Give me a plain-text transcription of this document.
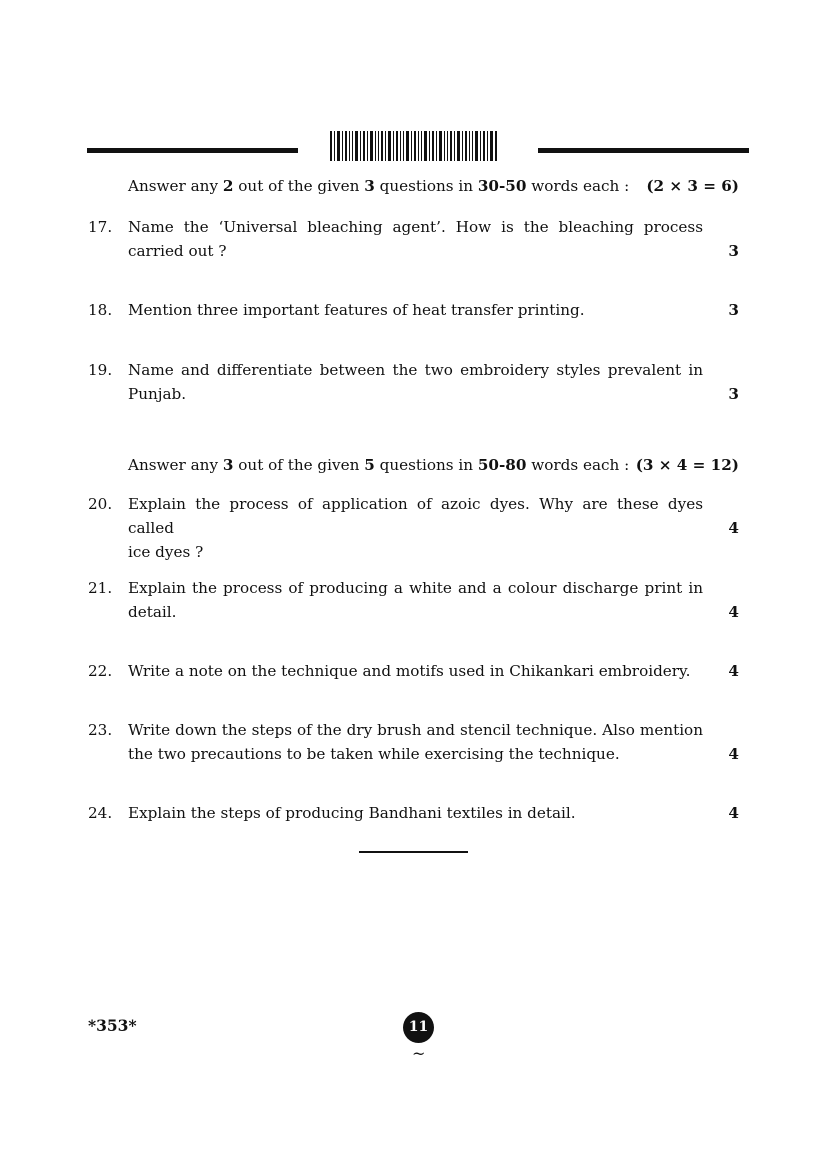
Answer any 2 out of the given 3 questions in 30-50 words each : (2 × 3 = 6)
17. Name the ‘Universal bleaching agent’. How is the bleaching process
carried out ?	3
18. Mention three important features of heat transfer printing.	3
19. Name and differentiate between the two embroidery styles prevalent in
Punjab.	3
Answer any 3 out of the given 5 questions in 50-80 words each : (3 × 4 = 12)
20. Explain the process of application of azoic dyes. Why are these dyes called
ice dyes ?
4
21. Explain the process of producing a white and a colour discharge print in
detail.	4
22. Write a note on the technique and motifs used in Chikankari embroidery.	4
23. Write down the steps of the dry brush and stencil technique. Also mention
the two precautions to be taken while exercising the technique.	4
24. Explain the steps of producing Bandhani textiles in detail.	4
*353*	11
~
